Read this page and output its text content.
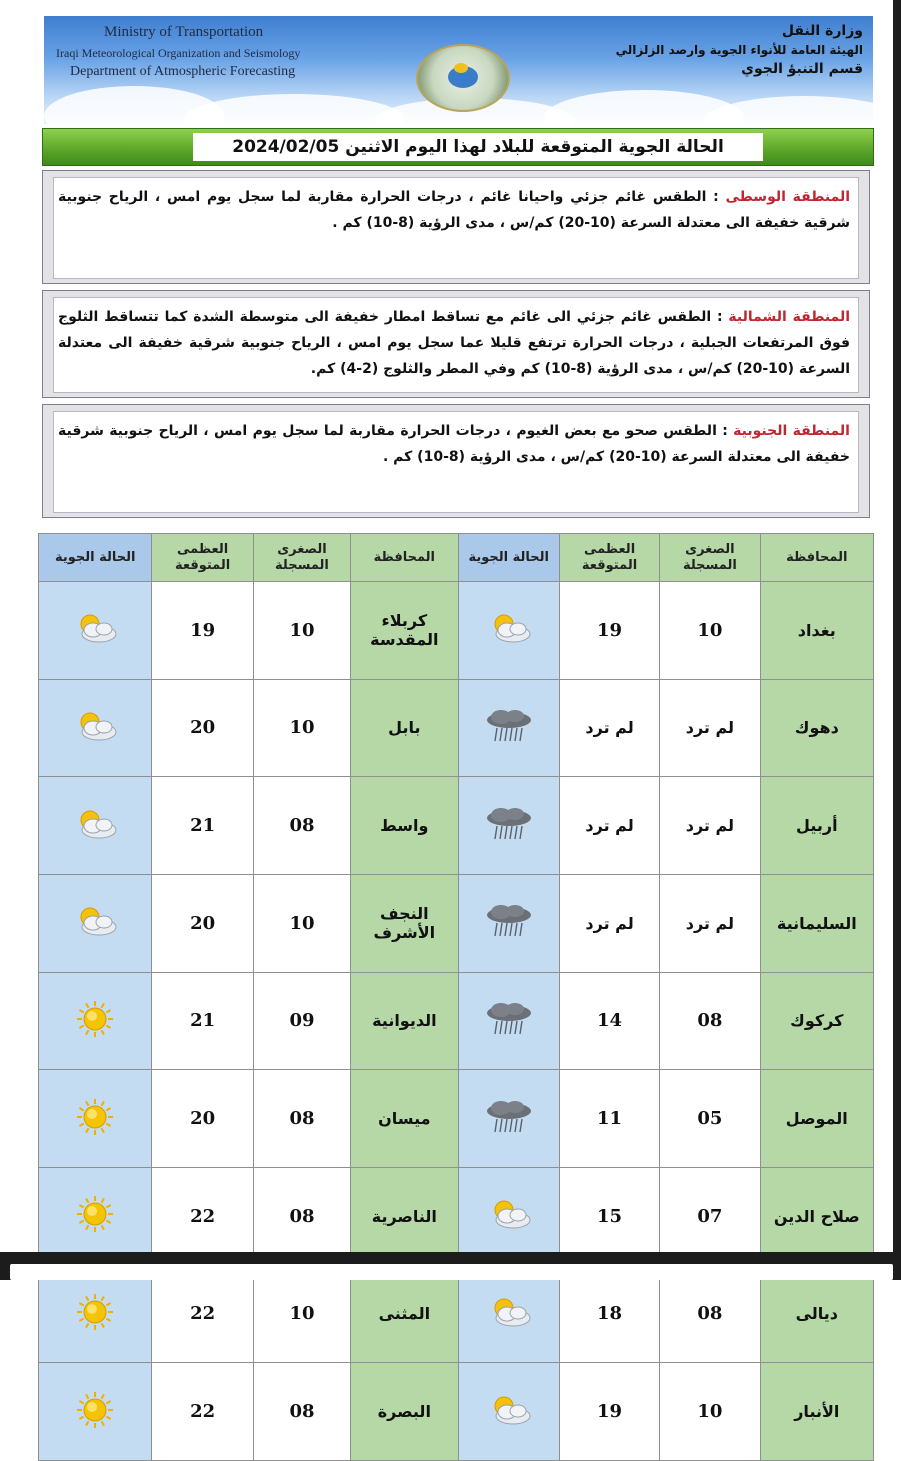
Ministry of Transportation
Iraqi Meteorological Organization and Seismology
Department of Atmospheric Forecasting
وزارة النقل
الهيئة العامة للأنواء الجوية وارصد الزلزالي
قسم التنبؤ الجوي
الحالة الجوية المتوقعة للبلاد لهذا اليوم الاثنين 2024/02/05
المنطقة الوسطى : الطقس غائم جزئي واحيانا غائم ، درجات الحرارة مقاربة لما سجل يوم امس ، الرياح جنوبية شرقية خفيفة الى معتدلة السرعة (10-20) كم/س ، مدى الرؤية (8-10) كم .
المنطقة الشمالية : الطقس غائم جزئي الى غائم مع تساقط امطار خفيفة الى متوسطة الشدة كما تتساقط الثلوج فوق المرتفعات الجبلية ، درجات الحرارة ترتفع قليلا عما سجل يوم امس ، الرياح جنوبية شرقية خفيفة الى معتدلة السرعة (10-20) كم/س ، مدى الرؤية (8-10) كم وفي المطر والثلوج (2-4) كم.
المنطقة الجنوبية : الطقس صحو مع بعض الغيوم ، درجات الحرارة مقاربة لما سجل يوم امس ، الرياح جنوبية شرقية خفيفة الى معتدلة السرعة (10-20) كم/س ، مدى الرؤية (8-10) كم .
المحافظة	الصغرى المسجلة	العظمى المتوقعة	الحالة الجوية	المحافظة	الصغرى المسجلة	العظمى المتوقعة	الحالة الجوية
بغداد	10	19		كربلاء المقدسة	10	19	
دهوك	لم ترد	لم ترد		بابل	10	20	
أربيل	لم ترد	لم ترد		واسط	08	21	
السليمانية	لم ترد	لم ترد		النجف الأشرف	10	20	
كركوك	08	14		الديوانية	09	21	
الموصل	05	11		ميسان	08	20	
صلاح الدين	07	15		الناصرية	08	22	
ديالى	08	18		المثنى	10	22	
الأنبار	10	19		البصرة	08	22	
